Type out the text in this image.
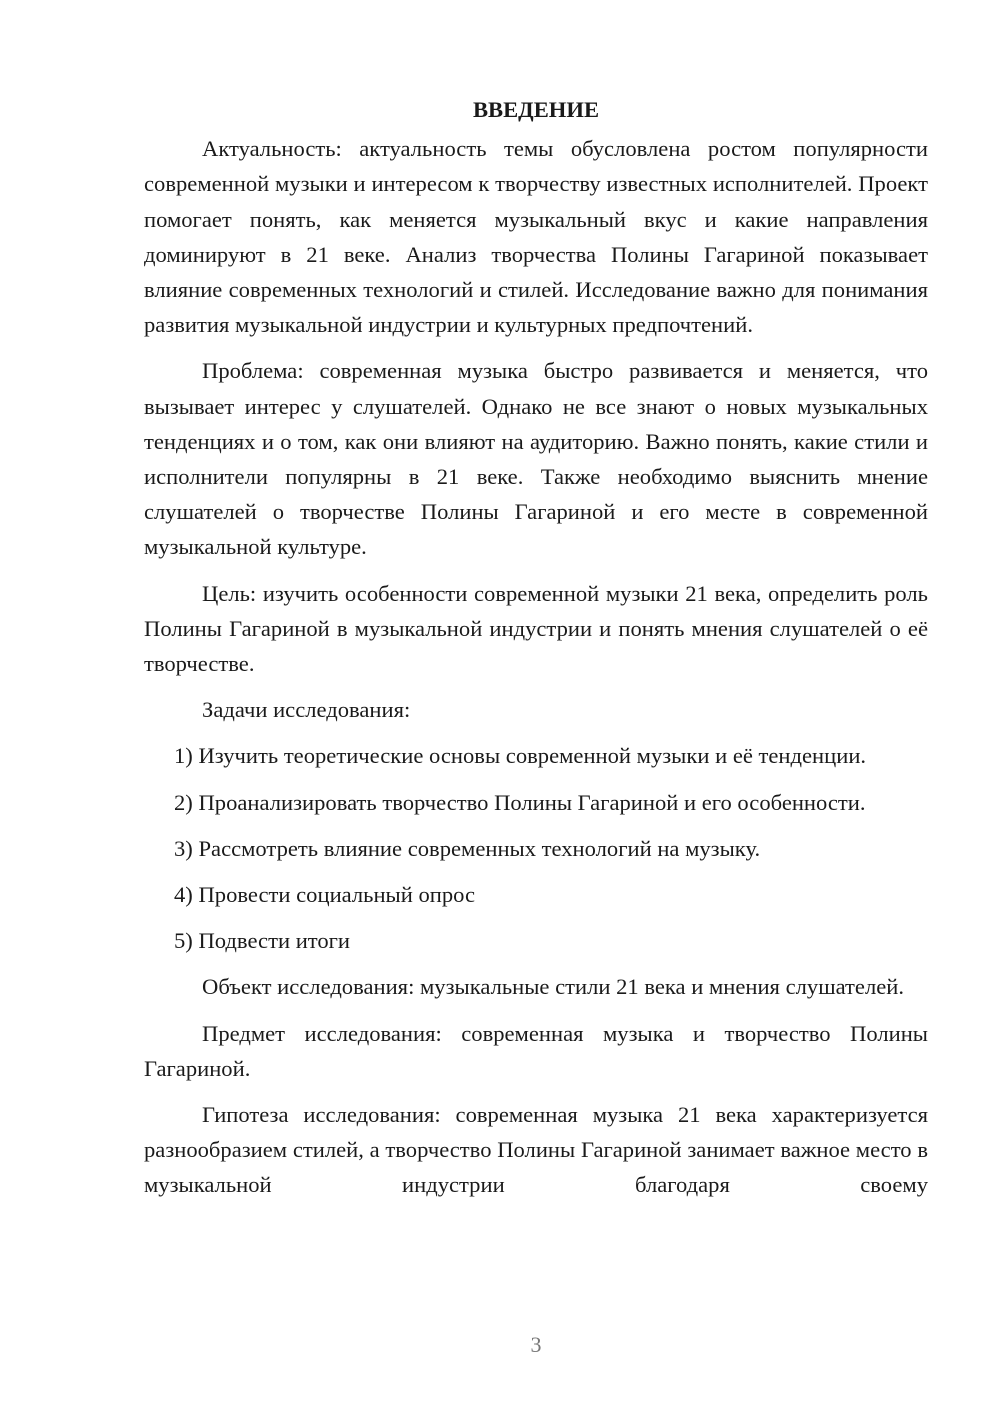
ВВЕДЕНИЕ

Актуальность: актуальность темы обусловлена ростом популярности современной музыки и интересом к творчеству известных исполнителей. Проект помогает понять, как меняется музыкальный вкус и какие направления доминируют в 21 веке. Анализ творчества Полины Гагариной показывает влияние современных технологий и стилей. Исследование важно для понимания развития музыкальной индустрии и культурных предпочтений.

Проблема: современная музыка быстро развивается и меняется, что вызывает интерес у слушателей. Однако не все знают о новых музыкальных тенденциях и о том, как они влияют на аудиторию. Важно понять, какие стили и исполнители популярны в 21 веке. Также необходимо выяснить мнение слушателей о творчестве Полины Гагариной и его месте в современной музыкальной культуре.

Цель: изучить особенности современной музыки 21 века, определить роль Полины Гагариной в музыкальной индустрии и понять мнения слушателей о её творчестве.

Задачи исследования:

1) Изучить теоретические основы современной музыки и её тенденции.

2) Проанализировать творчество Полины Гагариной и его особенности.

3) Рассмотреть влияние современных технологий на музыку.

4) Провести социальный опрос

5) Подвести итоги

Объект исследования: музыкальные стили 21 века и мнения слушателей.

Предмет исследования: современная музыка и творчество Полины Гагариной.

Гипотеза исследования: современная музыка 21 века характеризуется разнообразием стилей, а творчество Полины Гагариной занимает важное место в музыкальной индустрии благодаря своему

3
